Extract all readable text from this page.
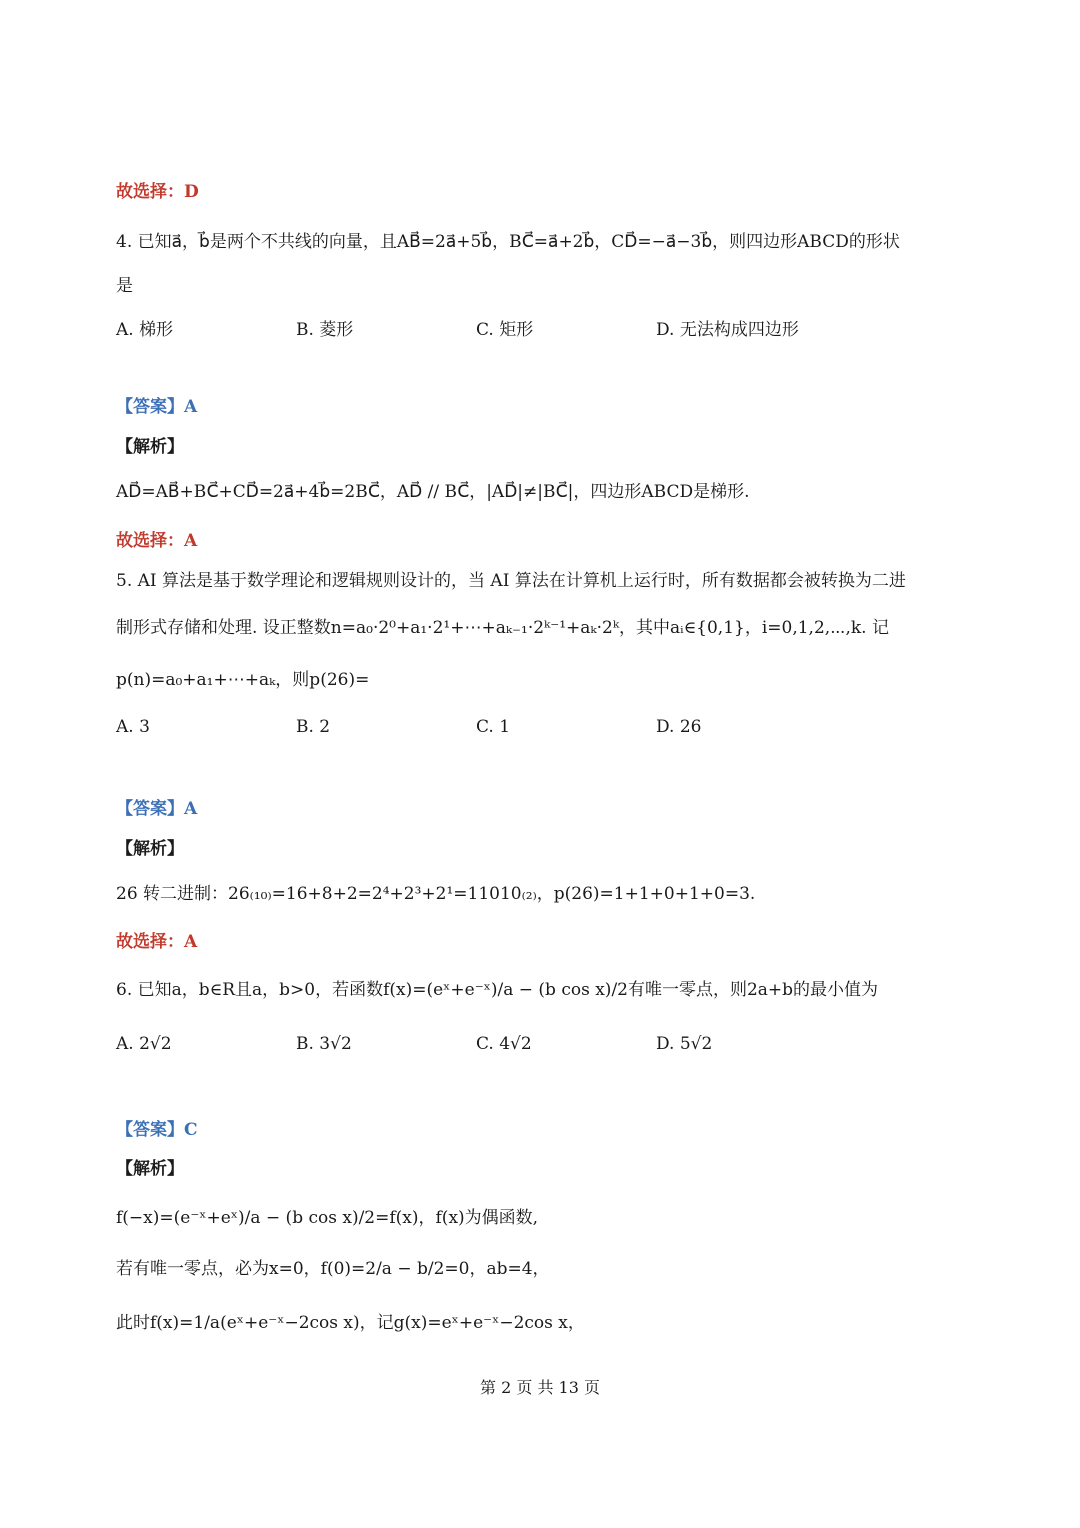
故选择：D
4. 已知a⃗，b⃗是两个不共线的向量，且AB⃗=2a⃗+5b⃗，BC⃗=a⃗+2b⃗，CD⃗=−a⃗−3b⃗，则四边形ABCD的形状
是
A. 梯形	B. 菱形	C. 矩形	D. 无法构成四边形
【答案】A
【解析】
AD⃗=AB⃗+BC⃗+CD⃗=2a⃗+4b⃗=2BC⃗，AD⃗ // BC⃗，|AD⃗|≠|BC⃗|，四边形ABCD是梯形.
故选择：A
5. AI 算法是基于数学理论和逻辑规则设计的，当 AI 算法在计算机上运行时，所有数据都会被转换为二进
制形式存储和处理. 设正整数n=a₀·2⁰+a₁·2¹+⋯+aₖ₋₁·2ᵏ⁻¹+aₖ·2ᵏ，其中aᵢ∈{0,1}，i=0,1,2,⋯,k. 记
p(n)=a₀+a₁+⋯+aₖ，则p(26)=
A. 3	B. 2	C. 1	D. 26
【答案】A
【解析】
26 转二进制：26₍₁₀₎=16+8+2=2⁴+2³+2¹=11010₍₂₎，p(26)=1+1+0+1+0=3.
故选择：A
6. 已知a，b∈R且a，b>0，若函数f(x)=(eˣ+e⁻ˣ)/a − (b cos x)/2有唯一零点，则2a+b的最小值为
A. 2√2	B. 3√2	C. 4√2	D. 5√2
【答案】C
【解析】
f(−x)=(e⁻ˣ+eˣ)/a − (b cos x)/2=f(x)，f(x)为偶函数,
若有唯一零点，必为x=0，f(0)=2/a − b/2=0，ab=4，
此时f(x)=1/a(eˣ+e⁻ˣ−2cos x)，记g(x)=eˣ+e⁻ˣ−2cos x，
第 2 页 共 13 页
